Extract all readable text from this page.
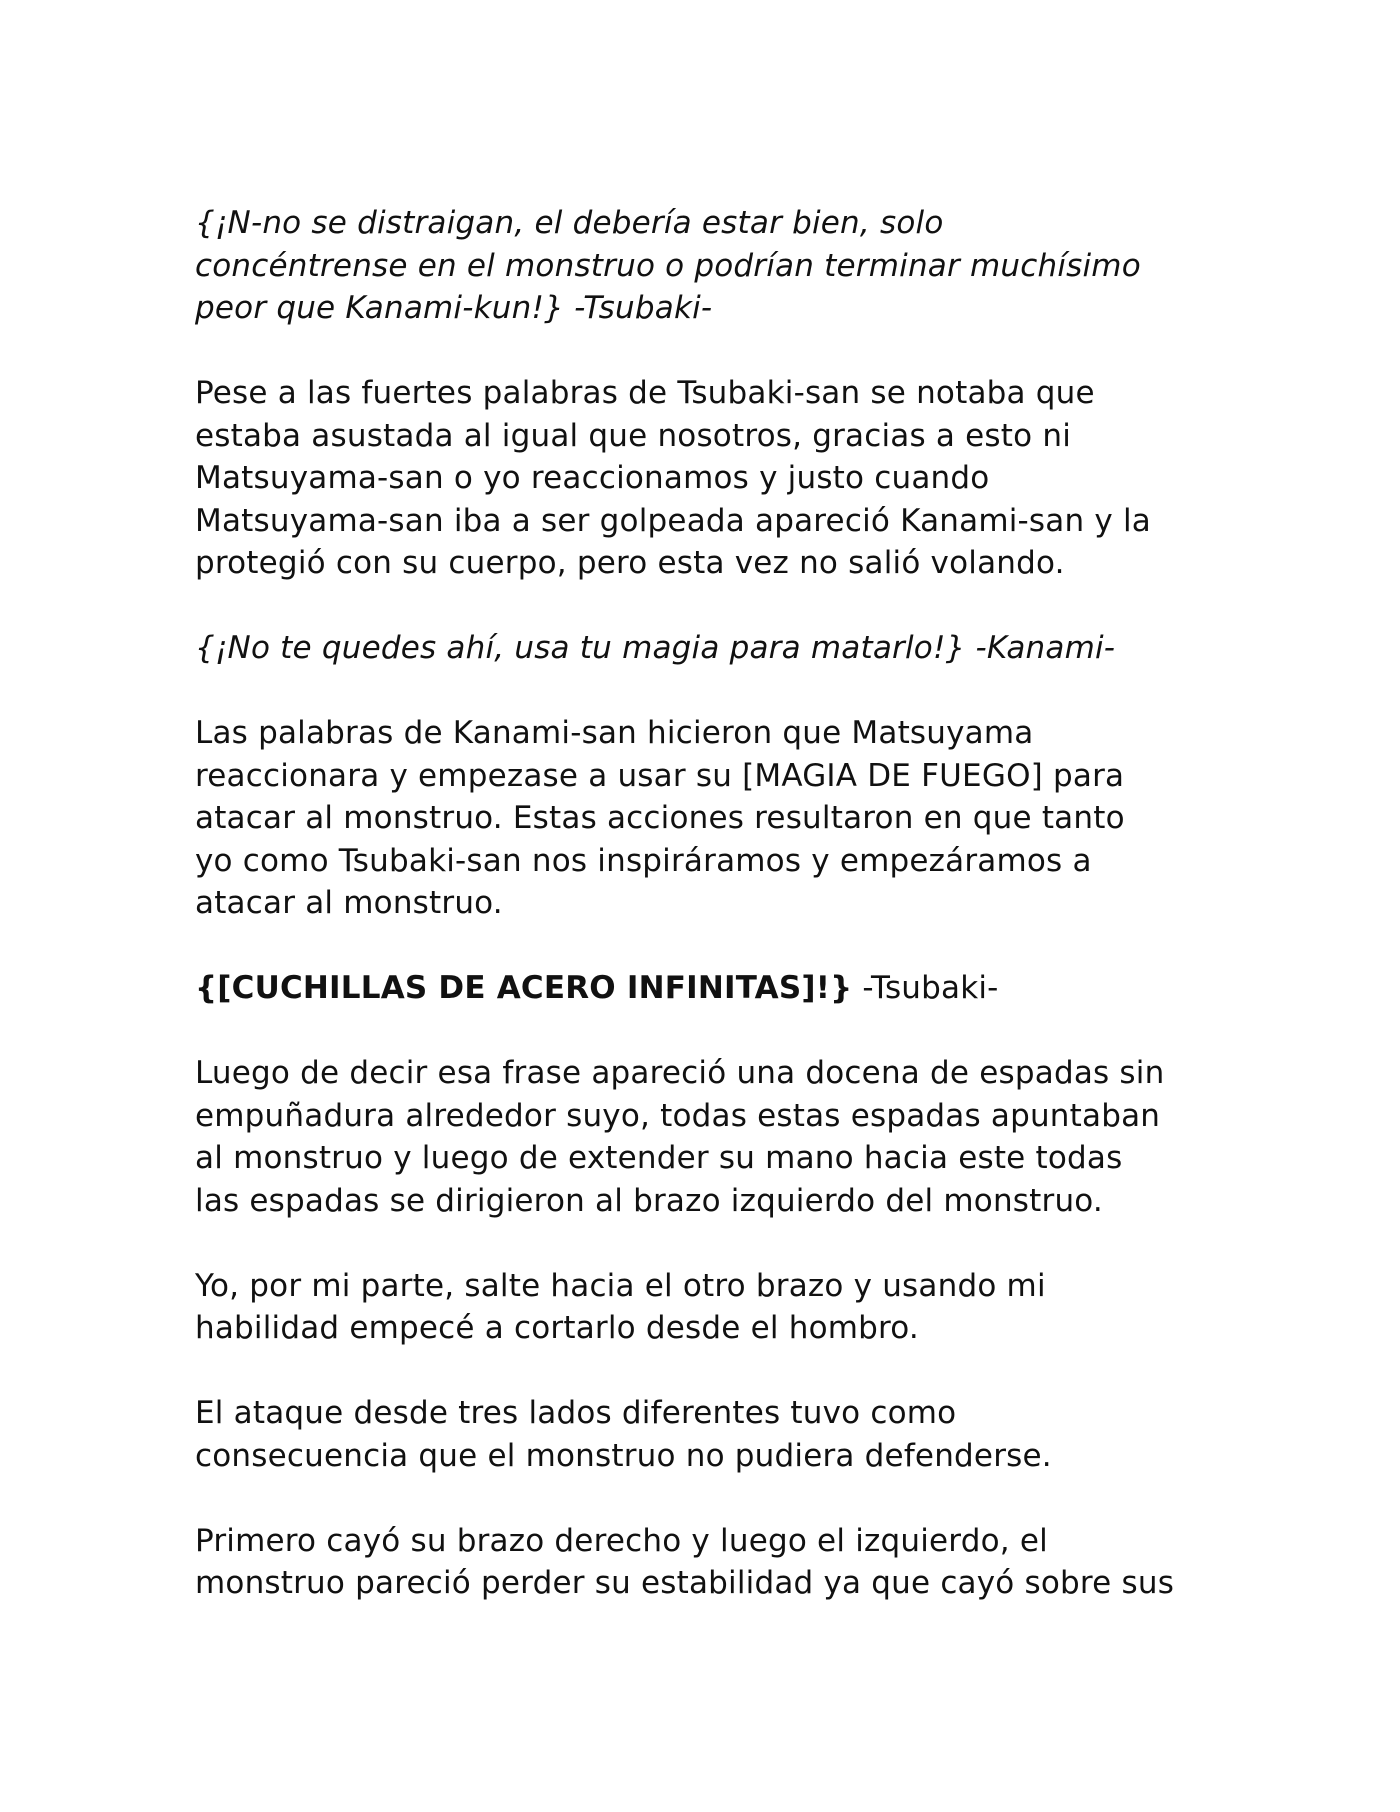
{¡N-no se distraigan, el debería estar bien, solo
concéntrense en el monstruo o podrían terminar muchísimo
peor que Kanami-kun!} -Tsubaki-

Pese a las fuertes palabras de Tsubaki-san se notaba que
estaba asustada al igual que nosotros, gracias a esto ni
Matsuyama-san o yo reaccionamos y justo cuando
Matsuyama-san iba a ser golpeada apareció Kanami-san y la
protegió con su cuerpo, pero esta vez no salió volando.

{¡No te quedes ahí, usa tu magia para matarlo!} -Kanami-

Las palabras de Kanami-san hicieron que Matsuyama
reaccionara y empezase a usar su [MAGIA DE FUEGO] para
atacar al monstruo. Estas acciones resultaron en que tanto
yo como Tsubaki-san nos inspiráramos y empezáramos a
atacar al monstruo.

{[CUCHILLAS DE ACERO INFINITAS]!} -Tsubaki-

Luego de decir esa frase apareció una docena de espadas sin
empuñadura alrededor suyo, todas estas espadas apuntaban
al monstruo y luego de extender su mano hacia este todas
las espadas se dirigieron al brazo izquierdo del monstruo.

Yo, por mi parte, salte hacia el otro brazo y usando mi
habilidad empecé a cortarlo desde el hombro.

El ataque desde tres lados diferentes tuvo como
consecuencia que el monstruo no pudiera defenderse.

Primero cayó su brazo derecho y luego el izquierdo, el
monstruo pareció perder su estabilidad ya que cayó sobre sus
